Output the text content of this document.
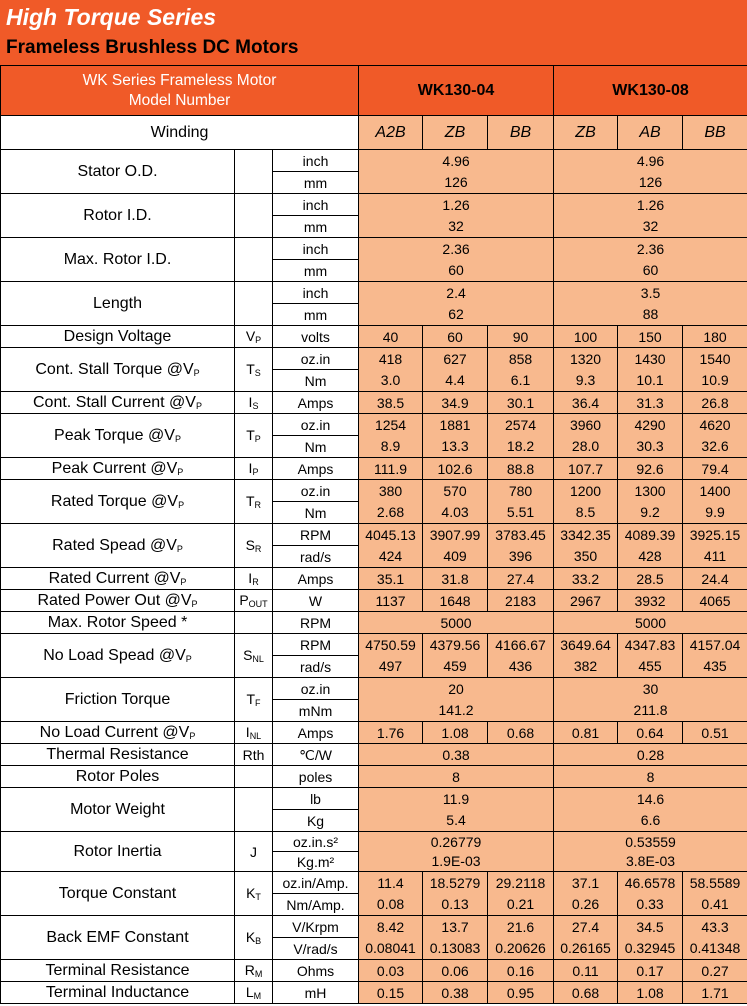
High Torque Series
Frameless Brushless DC Motors
WK Series Frameless Motor
Model Number			WK130-04			WK130-08		
Winding			A2B	ZB	BB	ZB	AB	BB
Stator O.D.		inch	4.96			4.96		
		mm	126			126		
Rotor I.D.		inch	1.26			1.26		
		mm	32			32		
Max. Rotor I.D.		inch	2.36			2.36		
		mm	60			60		
Length		inch	2.4			3.5		
		mm	62			88		
Design Voltage	$V_P$	volts	40	60	90	100	150	180
Cont. Stall Torque $@V_P$	$T_S$	oz.in	418	627	858	1320	1430	1540
		Nm	3.0	4.4	6.1	9.3	10.1	10.9
Cont. Stall Current $@V_P$	$I_S$	Amps	38.5	34.9	30.1	36.4	31.3	26.8
Peak Torque $@V_P$	$T_P$	oz.in	1254	1881	2574	3960	4290	4620
		Nm	8.9	13.3	18.2	28.0	30.3	32.6
Peak Current $@V_P$	$I_P$	Amps	111.9	102.6	88.8	107.7	92.6	79.4
Rated Torque $@V_P$	$T_R$	oz.in	380	570	780	1200	1300	1400
		Nm	2.68	4.03	5.51	8.5	9.2	9.9
Rated Spead $@V_P$	$S_R$	RPM	4045.13	3907.99	3783.45	3342.35	4089.39	3925.15
		rad/s	424	409	396	350	428	411
Rated Current $@V_P$	$I_R$	Amps	35.1	31.8	27.4	33.2	28.5	24.4
Rated Power Out $@V_P$	$P_{OUT}$	W	1137	1648	2183	2967	3932	4065
Max. Rotor Speed *		RPM	5000			5000		
No Load Spead $@V_P$	$S_{NL}$	RPM	4750.59	4379.56	4166.67	3649.64	4347.83	4157.04
		rad/s	497	459	436	382	455	435
Friction Torque	$T_F$	oz.in	20			30		
		mNm	141.2			211.8		
No Load Current $@V_P$	$I_{NL}$	Amps	1.76	1.08	0.68	0.81	0.64	0.51
Thermal Resistance	Rth	℃/W	0.38			0.28		
Rotor Poles		poles	8			8		
Motor Weight		lb	11.9			14.6		
		Kg	5.4			6.6		
Rotor Inertia	J	oz.in.s²	0.26779			0.53559		
		Kg.m²	1.9E-03			3.8E-03		
Torque Constant	$K_T$	oz.in/Amp.	11.4	18.5279	29.2118	37.1	46.6578	58.5589
		Nm/Amp.	0.08	0.13	0.21	0.26	0.33	0.41
Back EMF Constant	$K_B$	V/Krpm	8.42	13.7	21.6	27.4	34.5	43.3
		V/rad/s	0.08041	0.13083	0.20626	0.26165	0.32945	0.41348
Terminal Resistance	$R_M$	Ohms	0.03	0.06	0.16	0.11	0.17	0.27
Terminal Inductance	$L_M$	mH	0.15	0.38	0.95	0.68	1.08	1.71
